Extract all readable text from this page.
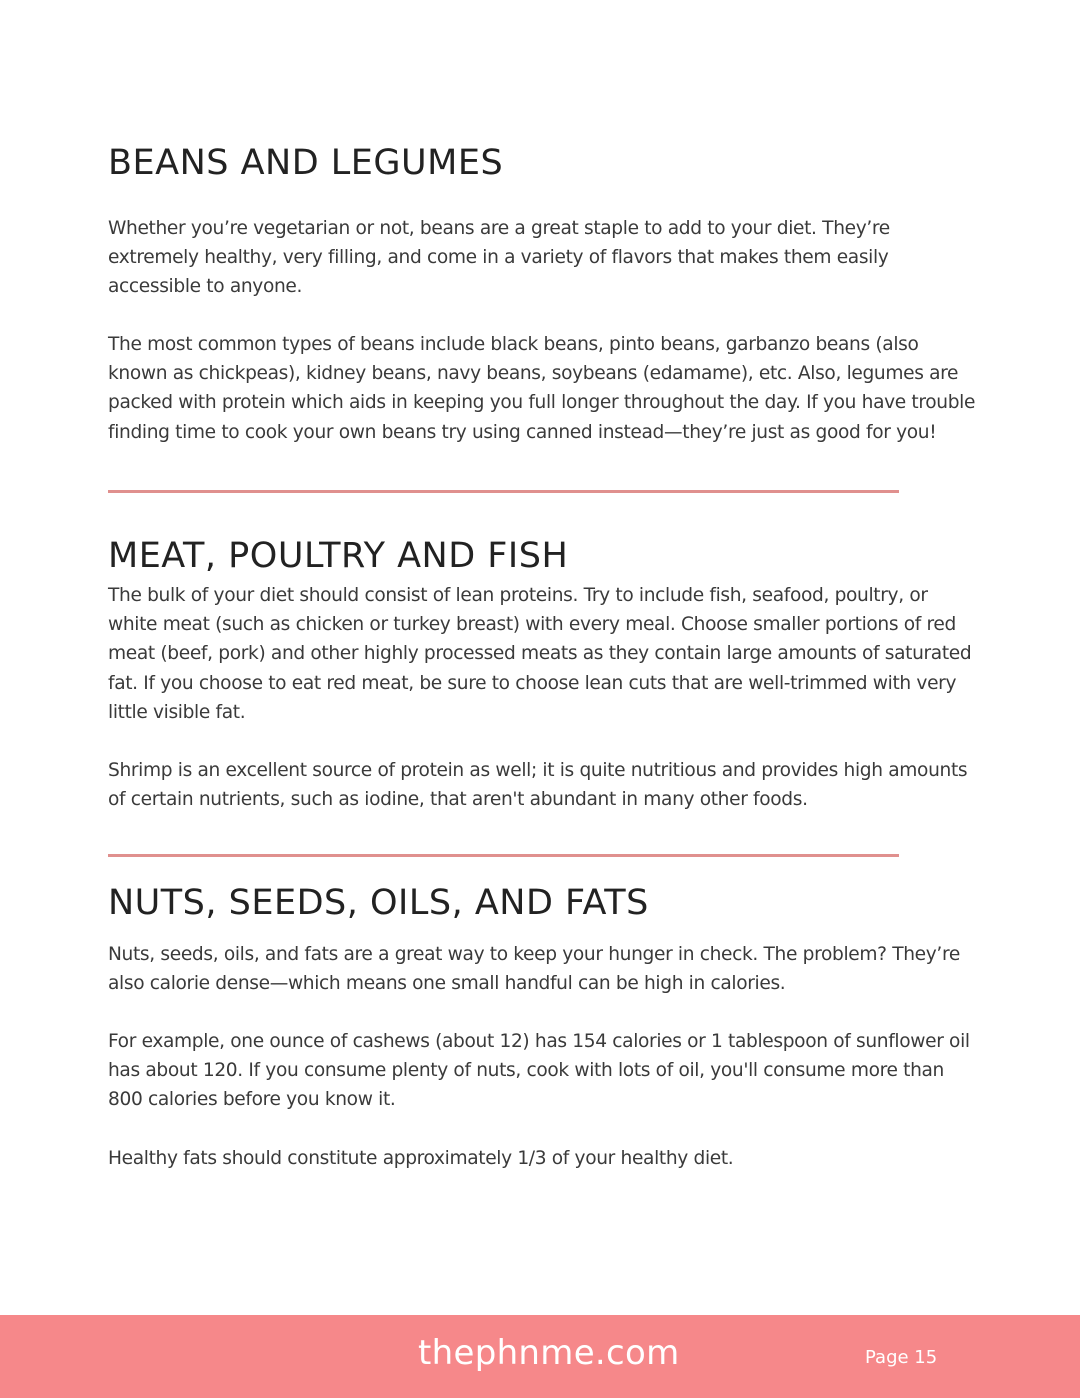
BEANS AND LEGUMES

Whether you’re vegetarian or not, beans are a great staple to add to your diet. They’re extremely healthy, very filling, and come in a variety of flavors that makes them easily accessible to anyone.

The most common types of beans include black beans, pinto beans, garbanzo beans (also known as chickpeas), kidney beans, navy beans, soybeans (edamame), etc. Also, legumes are packed with protein which aids in keeping you full longer throughout the day. If you have trouble finding time to cook your own beans try using canned instead—they’re just as good for you!

MEAT, POULTRY AND FISH

The bulk of your diet should consist of lean proteins. Try to include fish, seafood, poultry, or white meat (such as chicken or turkey breast) with every meal. Choose smaller portions of red meat (beef, pork) and other highly processed meats as they contain large amounts of saturated fat. If you choose to eat red meat, be sure to choose lean cuts that are well-trimmed with very little visible fat.

Shrimp is an excellent source of protein as well; it is quite nutritious and provides high amounts of certain nutrients, such as iodine, that aren't abundant in many other foods.

NUTS, SEEDS, OILS, AND FATS

Nuts, seeds, oils, and fats are a great way to keep your hunger in check. The problem? They’re also calorie dense—which means one small handful can be high in calories.

For example, one ounce of cashews (about 12) has 154 calories or 1 tablespoon of sunflower oil has about 120. If you consume plenty of nuts, cook with lots of oil, you'll consume more than 800 calories before you know it.

Healthy fats should constitute approximately 1/3 of your healthy diet.

thephnme.com	Page 15
